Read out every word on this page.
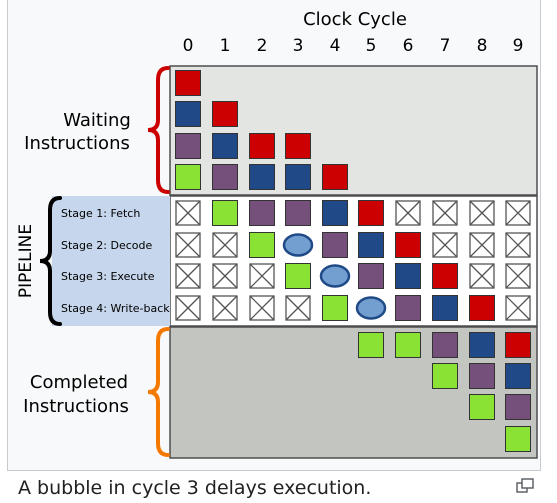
Clock Cycle
0 1 2 3 4 5 6 7 8 9
Waiting
Instructions
Completed
Instructions
PIPELINE
Stage 1: Fetch
Stage 2: Decode
Stage 3: Execute
Stage 4: Write-back
A bubble in cycle 3 delays execution.
